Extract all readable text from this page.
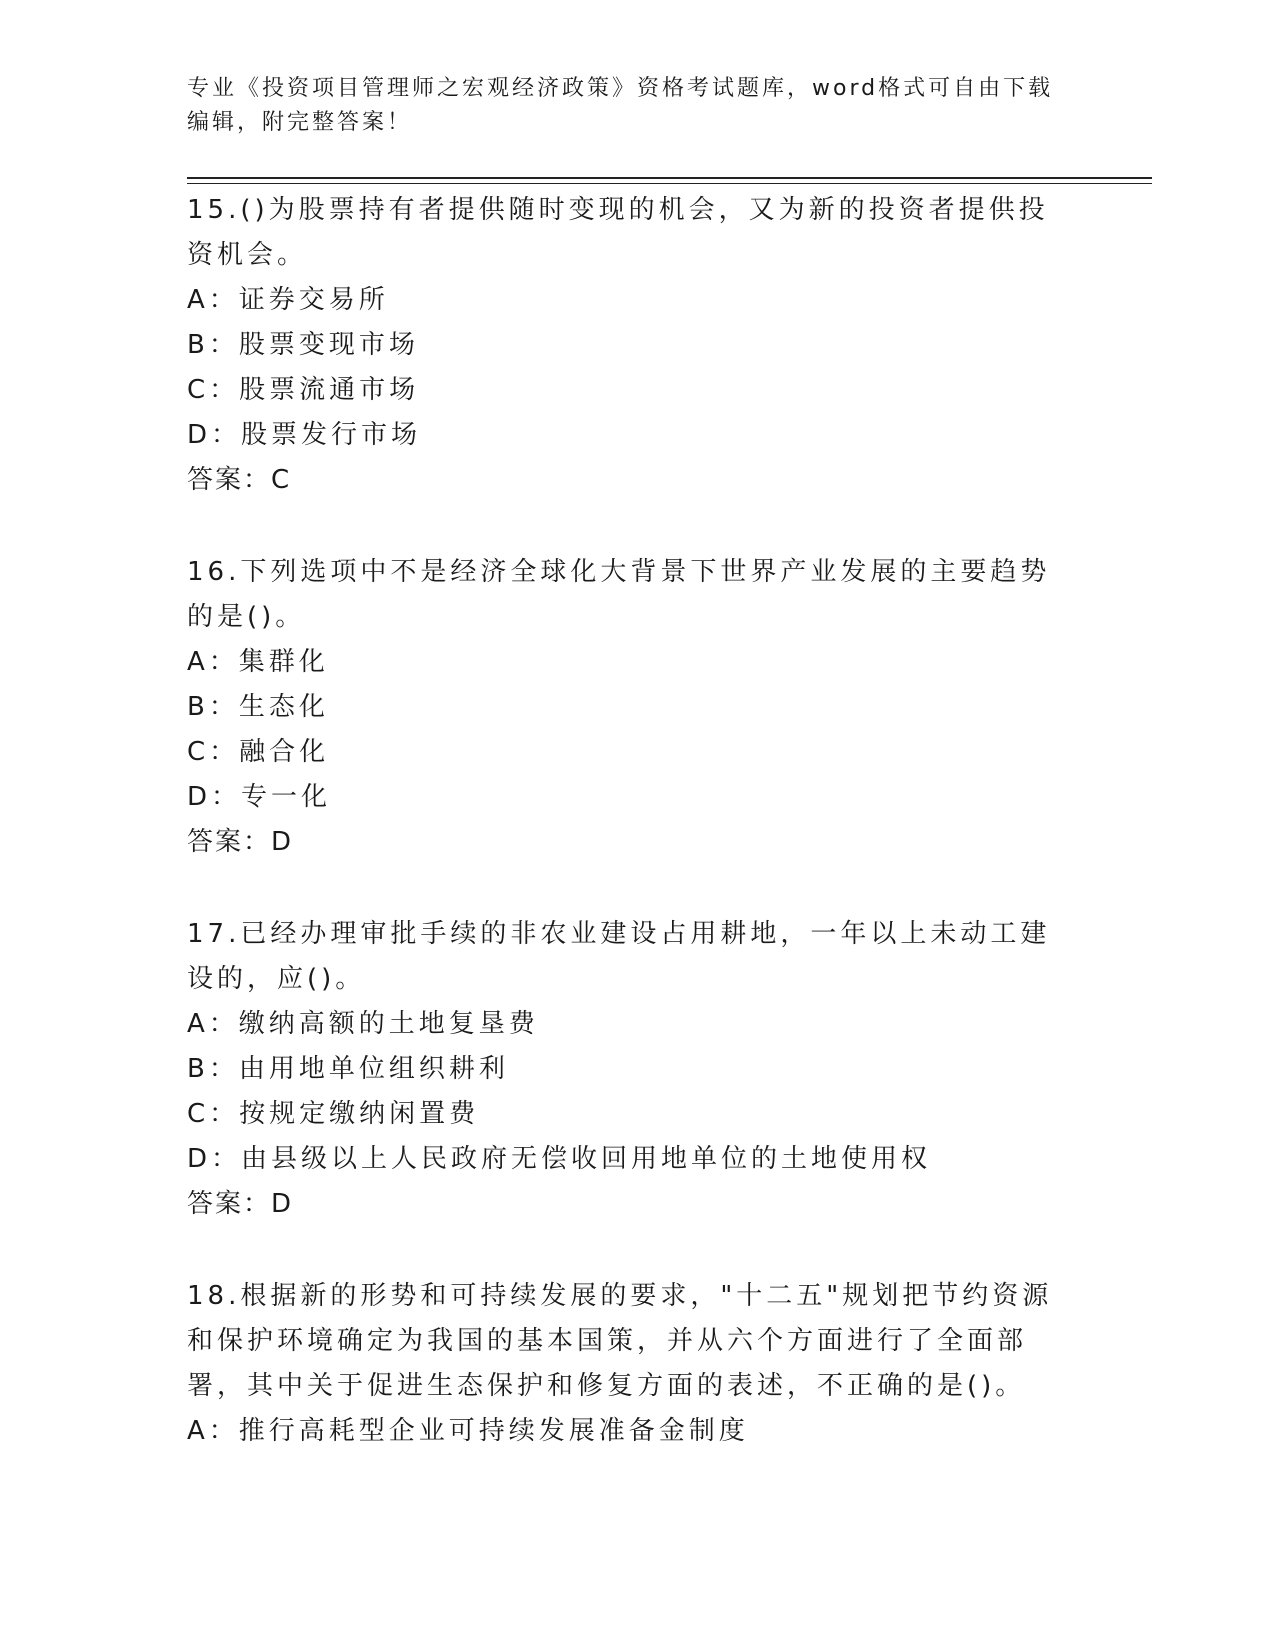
专业《投资项目管理师之宏观经济政策》资格考试题库，word格式可自由下载编辑，附完整答案！
15.()为股票持有者提供随时变现的机会，又为新的投资者提供投资机会。
A：证券交易所
B：股票变现市场
C：股票流通市场
D：股票发行市场
答案：C
16.下列选项中不是经济全球化大背景下世界产业发展的主要趋势的是()。
A：集群化
B：生态化
C：融合化
D：专一化
答案：D
17.已经办理审批手续的非农业建设占用耕地，一年以上未动工建设的，应()。
A：缴纳高额的土地复垦费
B：由用地单位组织耕利
C：按规定缴纳闲置费
D：由县级以上人民政府无偿收回用地单位的土地使用权
答案：D
18.根据新的形势和可持续发展的要求，"十二五"规划把节约资源和保护环境确定为我国的基本国策，并从六个方面进行了全面部署，其中关于促进生态保护和修复方面的表述，不正确的是()。
A：推行高耗型企业可持续发展准备金制度
